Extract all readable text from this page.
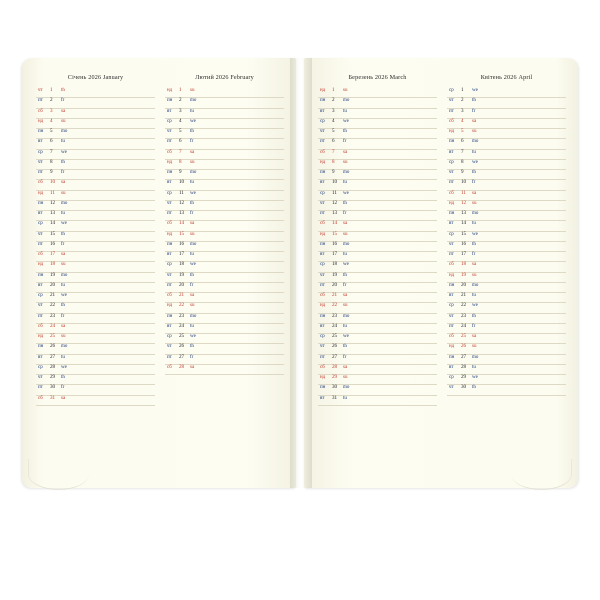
Січень 2026 January
чт	1	th
пт	2	fr
сб	3	sa
нд	4	su
пн	5	mo
вт	6	tu
ср	7	we
чт	8	th
пт	9	fr
сб	10	sa
нд	11	su
пн	12	mo
вт	13	tu
ср	14	we
чт	15	th
пт	16	fr
сб	17	sa
нд	18	su
пн	19	mo
вт	20	tu
ср	21	we
чт	22	th
пт	23	fr
сб	24	sa
нд	25	su
пн	26	mo
вт	27	tu
ср	28	we
чт	29	th
пт	30	fr
сб	31	sa
Лютий 2026 February
нд	1	su
пн	2	mo
вт	3	tu
ср	4	we
чт	5	th
пт	6	fr
сб	7	sa
нд	8	su
пн	9	mo
вт	10	tu
ср	11	we
чт	12	th
пт	13	fr
сб	14	sa
нд	15	su
пн	16	mo
вт	17	tu
ср	18	we
чт	19	th
пт	20	fr
сб	21	sa
нд	22	su
пн	23	mo
вт	24	tu
ср	25	we
чт	26	th
пт	27	fr
сб	28	sa
Березень 2026 March
нд	1	su
пн	2	mo
вт	3	tu
ср	4	we
чт	5	th
пт	6	fr
сб	7	sa
нд	8	su
пн	9	mo
вт	10	tu
ср	11	we
чт	12	th
пт	13	fr
сб	14	sa
нд	15	su
пн	16	mo
вт	17	tu
ср	18	we
чт	19	th
пт	20	fr
сб	21	sa
нд	22	su
пн	23	mo
вт	24	tu
ср	25	we
чт	26	th
пт	27	fr
сб	28	sa
нд	29	su
пн	30	mo
вт	31	tu
Квітень 2026 April
ср	1	we
чт	2	th
пт	3	fr
сб	4	sa
нд	5	su
пн	6	mo
вт	7	tu
ср	8	we
чт	9	th
пт	10	fr
сб	11	sa
нд	12	su
пн	13	mo
вт	14	tu
ср	15	we
чт	16	th
пт	17	fr
сб	18	sa
нд	19	su
пн	20	mo
вт	21	tu
ср	22	we
чт	23	th
пт	24	fr
сб	25	sa
нд	26	su
пн	27	mo
вт	28	tu
ср	29	we
чт	30	th
